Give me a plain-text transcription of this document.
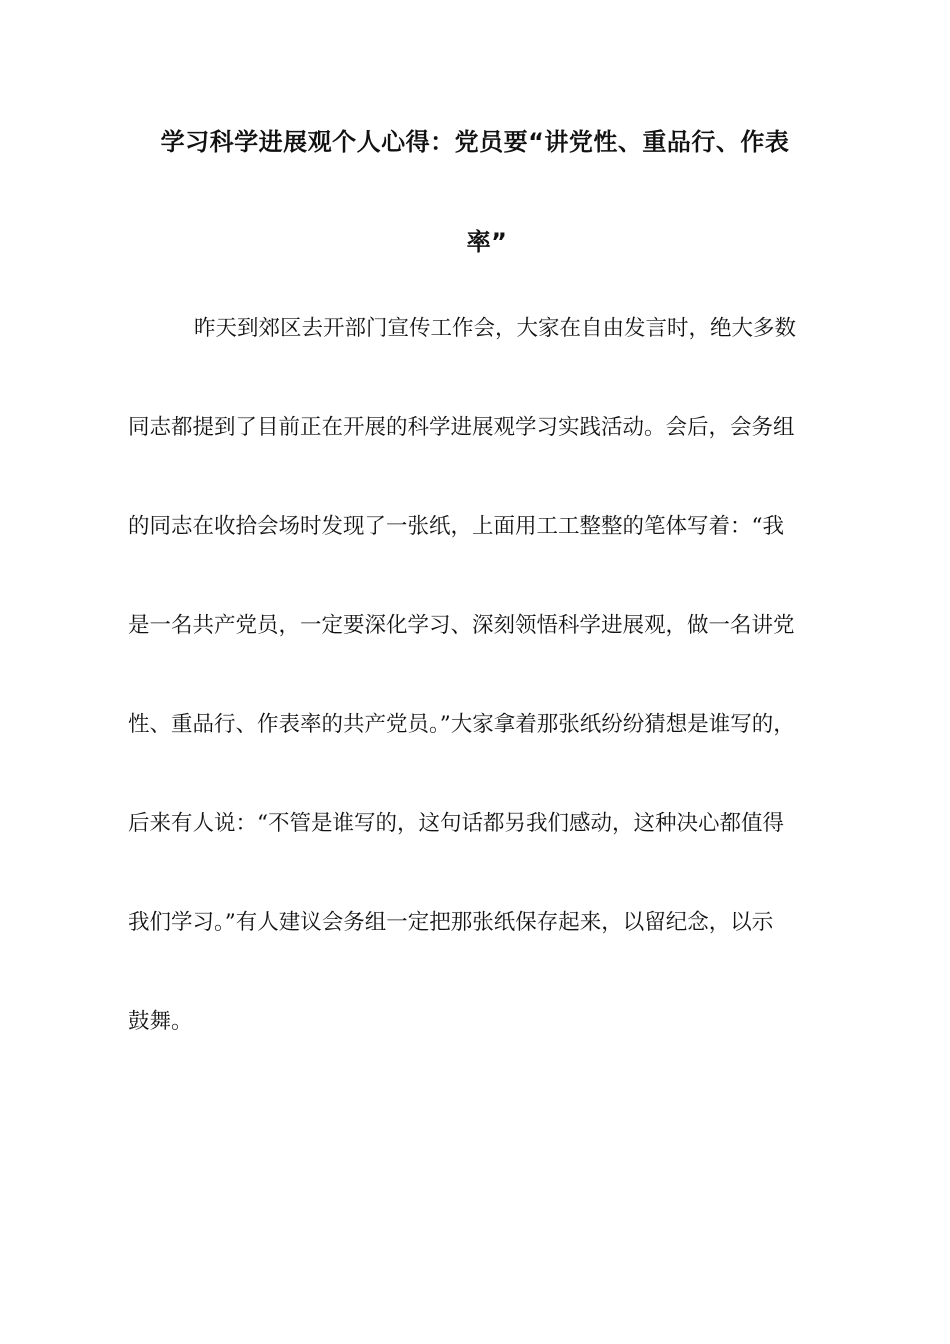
学习科学进展观个人心得：党员要“讲党性、重品行、作表
率”
昨天到郊区去开部门宣传工作会，大家在自由发言时，绝大多数
同志都提到了目前正在开展的科学进展观学习实践活动。会后，会务组
的同志在收拾会场时发现了一张纸，上面用工工整整的笔体写着：“我
是一名共产党员，一定要深化学习、深刻领悟科学进展观，做一名讲党
性、重品行、作表率的共产党员。”大家拿着那张纸纷纷猜想是谁写的，
后来有人说：“不管是谁写的，这句话都另我们感动，这种决心都值得
我们学习。”有人建议会务组一定把那张纸保存起来，以留纪念，以示
鼓舞。
